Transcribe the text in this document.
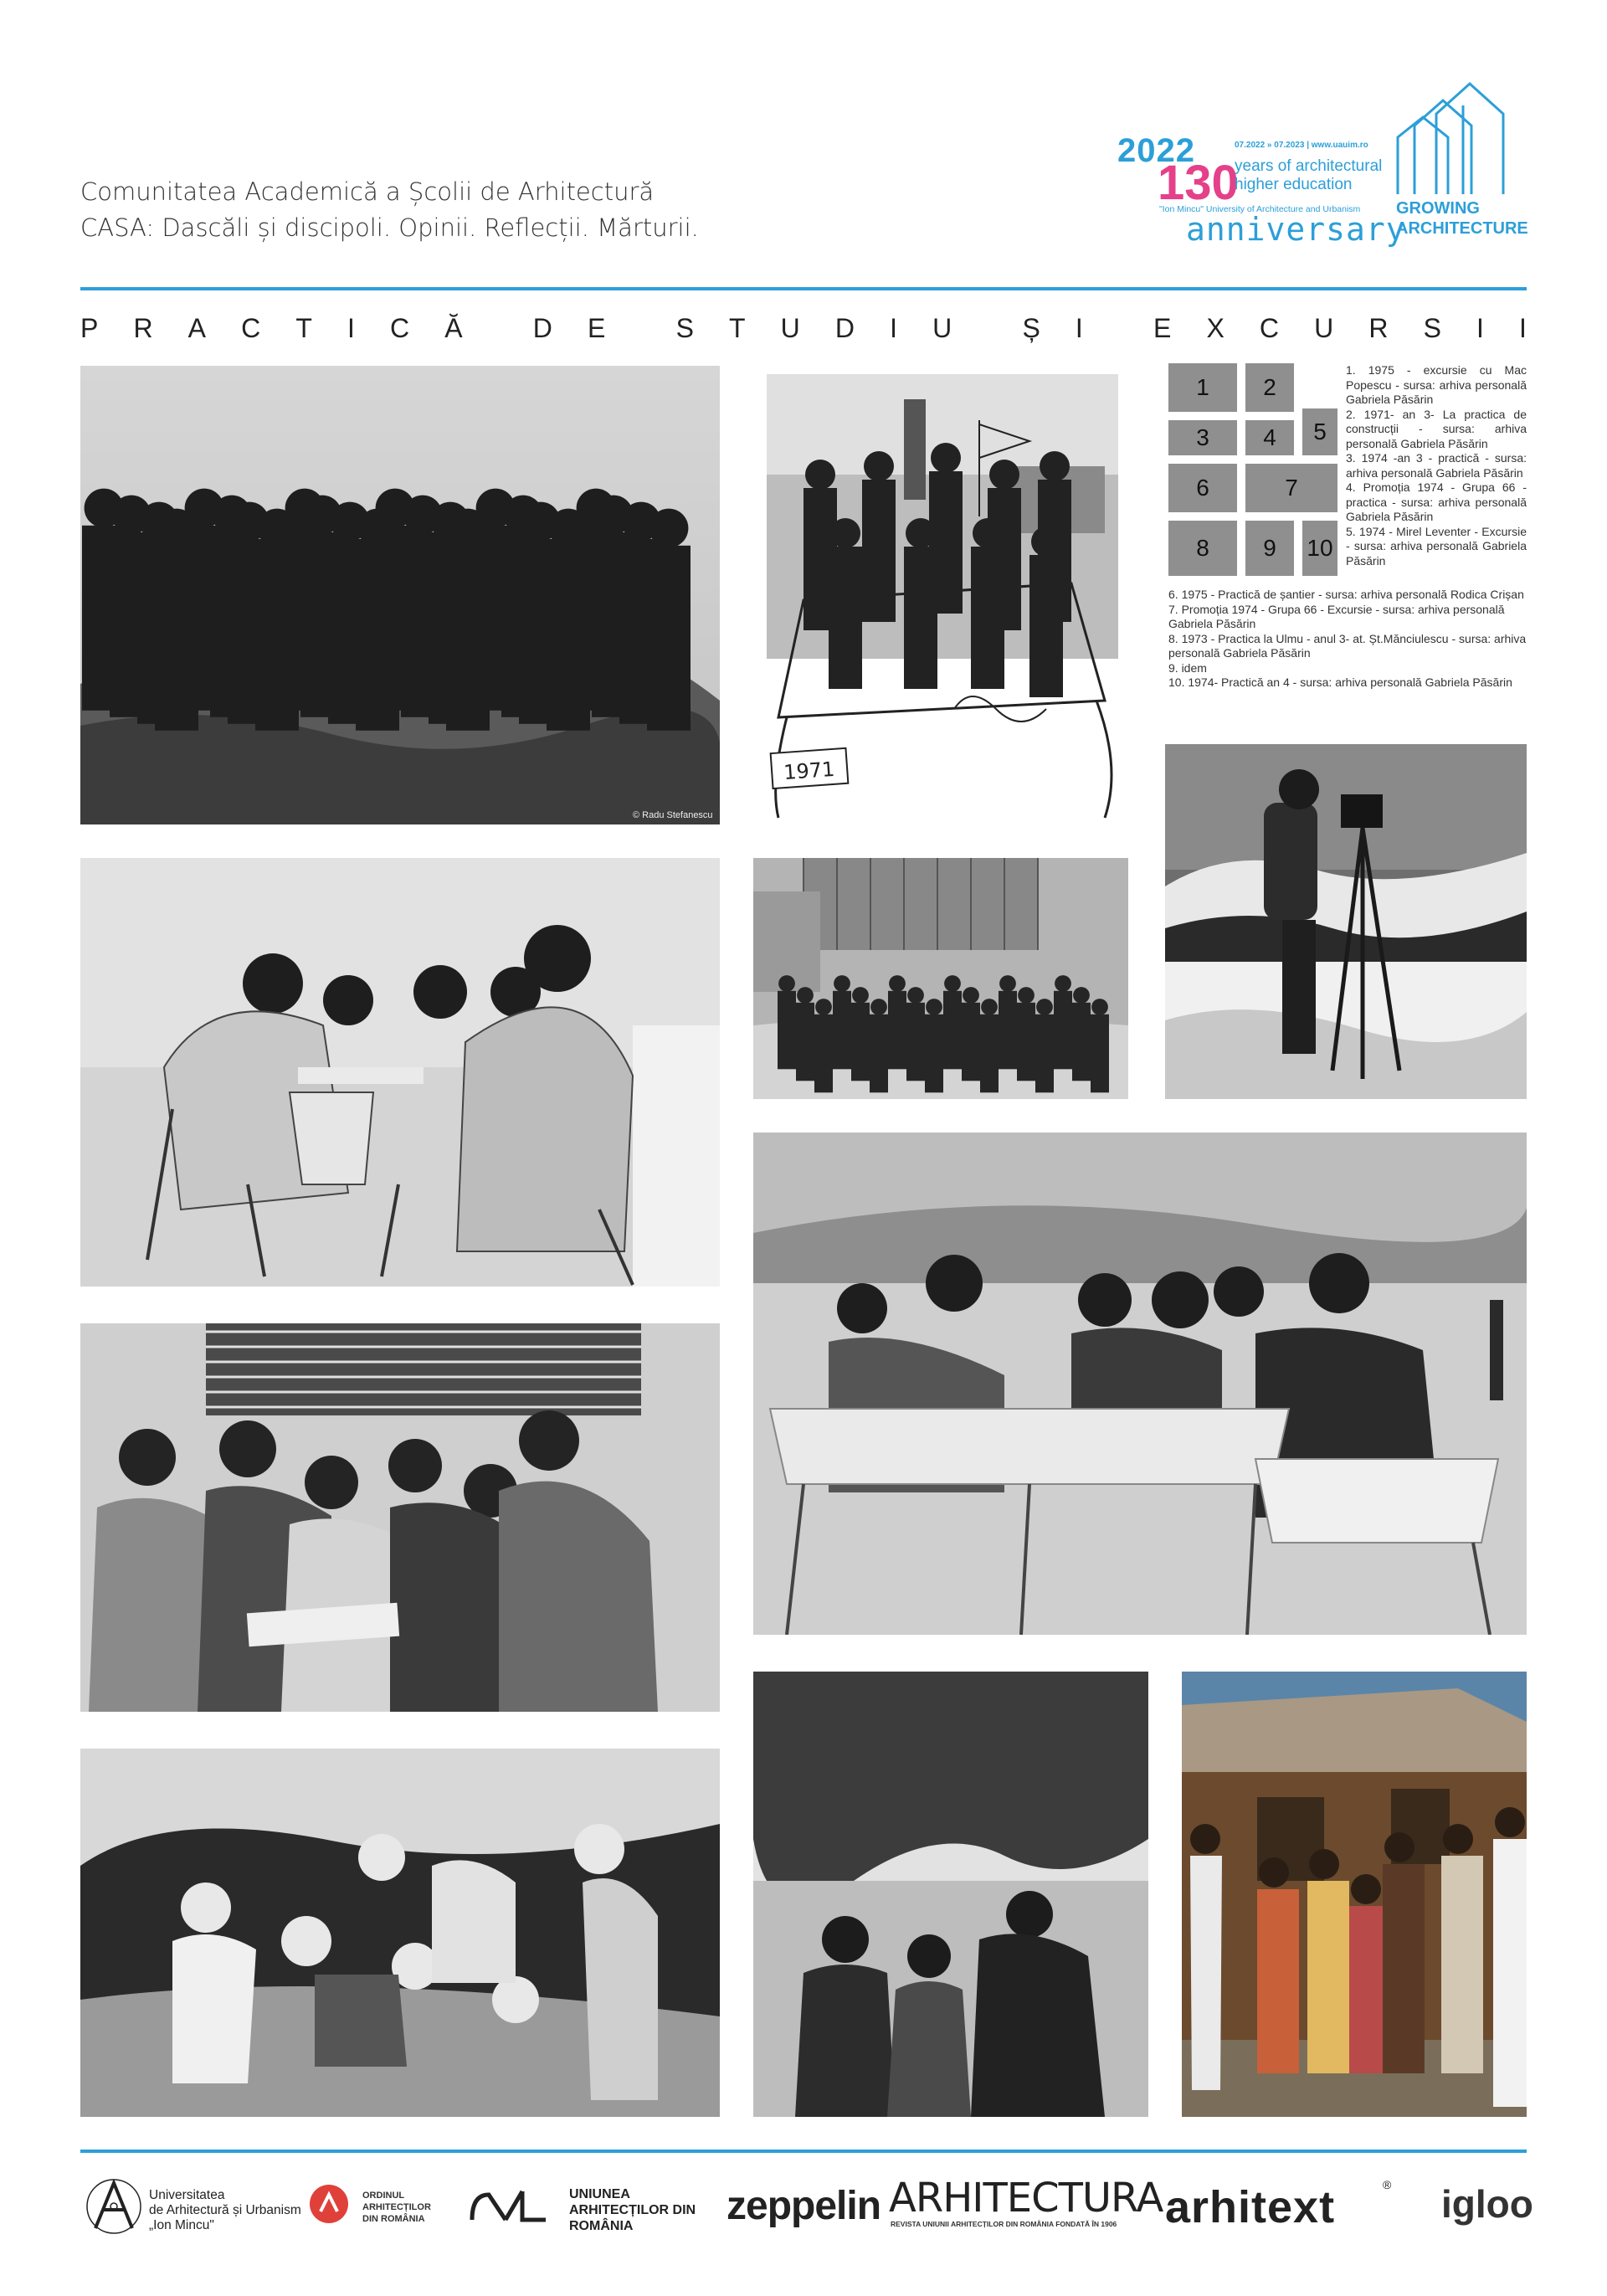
Comunitatea Academică a Școlii de Arhitectură
CASA: Dascăli și discipoli. Opinii. Reflecții. Mărturii.
2022
130
07.2022 » 07.2023 | www.uauim.ro
years of architectural
higher education
"Ion Mincu" University of Architecture and Urbanism
anniversary
GROWING
ARCHITECTURE
P R A C T I C Ă	D E	S T U D I U	Ș I	E X C U R S I I
© Radu Stefanescu
1971
1	2
3	4	5
6	7
8	9	10

1. 1975 - excursie cu Mac Popescu - sursa: arhiva personală Gabriela Păsărin

2. 1971- an 3- La practica de construcții - sursa: arhiva personală Gabriela Păsărin

3. 1974 -an 3 - practică - sursa: arhiva personală Gabriela Păsărin

4. Promoția 1974 - Grupa 66 - practica - sursa: arhiva personală Gabriela Păsărin

5. 1974 - Mirel Leventer - Excursie - sursa: arhiva personală Gabriela Păsărin

6. 1975 - Practică de șantier - sursa: arhiva personală Rodica Crișan

7. Promoția 1974 - Grupa 66 - Excursie - sursa: arhiva personală Gabriela Păsărin

8. 1973 - Practica la Ulmu - anul 3- at. Șt.Mănciulescu - sursa: arhiva personală Gabriela Păsărin

9. idem

10. 1974- Practică an 4 - sursa: arhiva personală Gabriela Păsărin

Universitatea
de Arhitectură și Urbanism
„Ion Mincu"
ORDINUL
ARHITECȚILOR
DIN ROMÂNIA
UNIUNEA
ARHITECȚILOR DIN
ROMÂNIA	zeppelin ARHITECTURA
REVISTA UNIUNII ARHITECȚILOR DIN ROMÂNIA FONDATĂ ÎN 1906 arhitext	® igloo
